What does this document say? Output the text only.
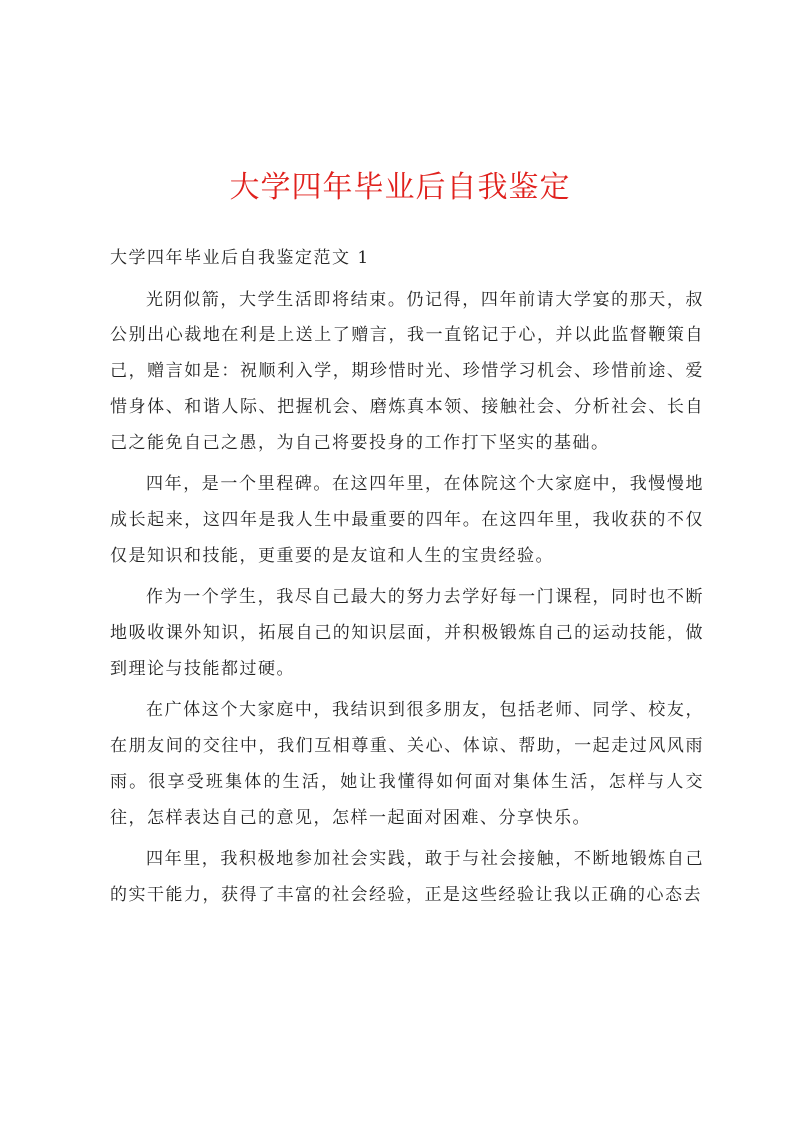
大学四年毕业后自我鉴定

大学四年毕业后自我鉴定范文 1

光阴似箭，大学生活即将结束。仍记得，四年前请大学宴的那天，叔公别出心裁地在利是上送上了赠言，我一直铭记于心，并以此监督鞭策自己，赠言如是：祝顺利入学，期珍惜时光、珍惜学习机会、珍惜前途、爱惜身体、和谐人际、把握机会、磨炼真本领、接触社会、分析社会、长自己之能免自己之愚，为自己将要投身的工作打下坚实的基础。

四年，是一个里程碑。在这四年里，在体院这个大家庭中，我慢慢地成长起来，这四年是我人生中最重要的四年。在这四年里，我收获的不仅仅是知识和技能，更重要的是友谊和人生的宝贵经验。

作为一个学生，我尽自己最大的努力去学好每一门课程，同时也不断地吸收课外知识，拓展自己的知识层面，并积极锻炼自己的运动技能，做到理论与技能都过硬。

在广体这个大家庭中，我结识到很多朋友，包括老师、同学、校友，在朋友间的交往中，我们互相尊重、关心、体谅、帮助，一起走过风风雨雨。很享受班集体的生活，她让我懂得如何面对集体生活，怎样与人交往，怎样表达自己的意见，怎样一起面对困难、分享快乐。

四年里，我积极地参加社会实践，敢于与社会接触，不断地锻炼自己的实干能力，获得了丰富的社会经验，正是这些经验让我以正确的心态去
